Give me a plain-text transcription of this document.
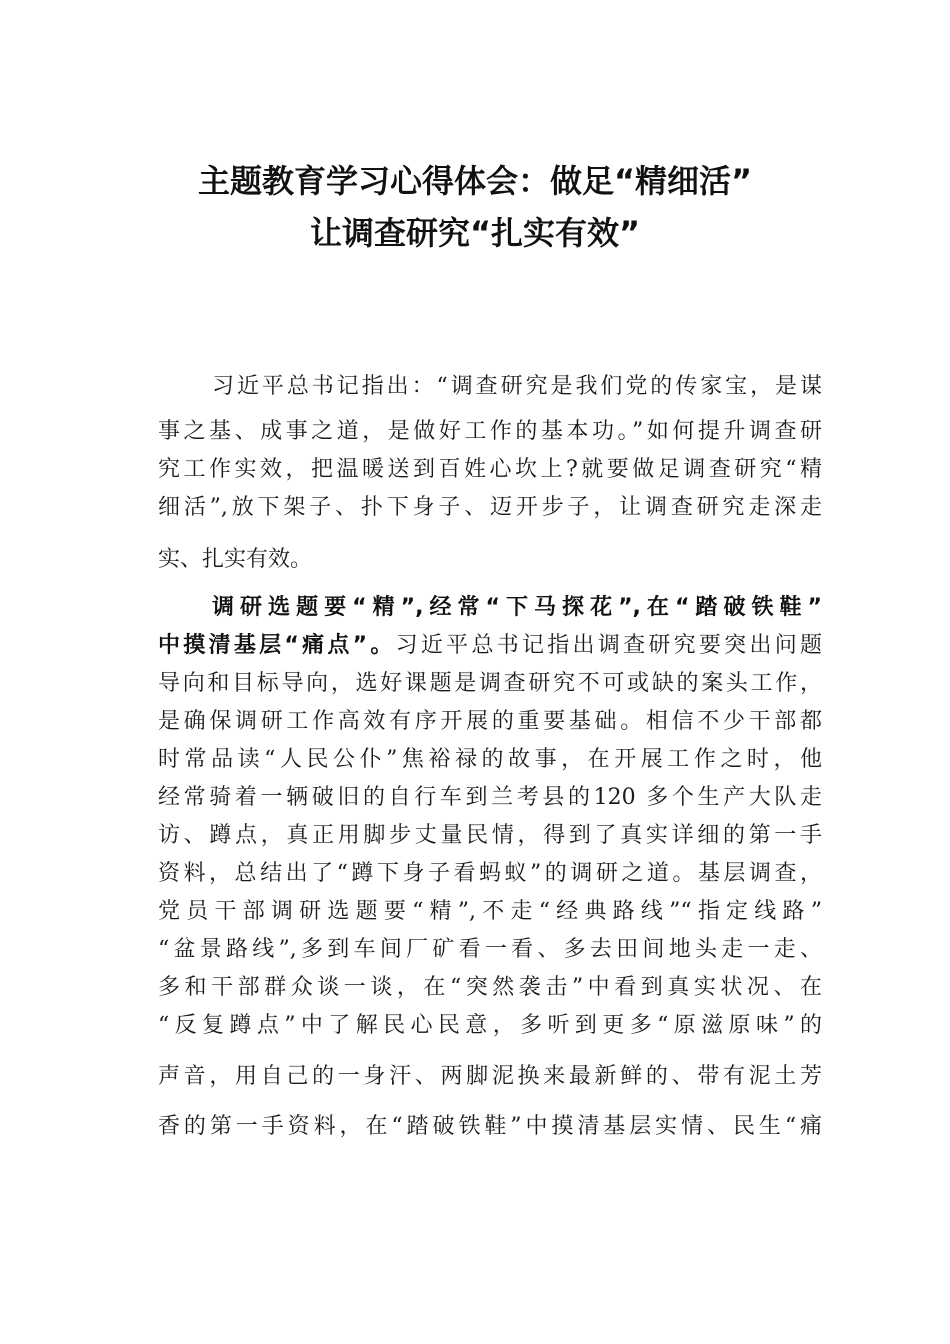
主题教育学习心得体会：做足“精细活”
让调查研究“扎实有效”
习近平总书记指出：“调查研究是我们党的传家宝，是谋
事之基、成事之道，是做好工作的基本功。”如何提升调查研
究工作实效，把温暖送到百姓心坎上?就要做足调查研究“精
细活”,放下架子、扑下身子、迈开步子，让调查研究走深走
实、扎实有效。
调研选题要“精”,经常“下马探花”,在“踏破铁鞋”
中摸清基层“痛点”。习近平总书记指出调查研究要突出问题
导向和目标导向，选好课题是调查研究不可或缺的案头工作，
是确保调研工作高效有序开展的重要基础。相信不少干部都
时常品读“人民公仆”焦裕禄的故事，在开展工作之时，他
经常骑着一辆破旧的自行车到兰考县的120 多个生产大队走
访、蹲点，真正用脚步丈量民情，得到了真实详细的第一手
资料，总结出了“蹲下身子看蚂蚁”的调研之道。基层调查，
党员干部调研选题要“精”,不走“经典路线”“指定线路”
“盆景路线”,多到车间厂矿看一看、多去田间地头走一走、
多和干部群众谈一谈，在“突然袭击”中看到真实状况、在
“反复蹲点”中了解民心民意，多听到更多“原滋原味”的
声音，用自己的一身汗、两脚泥换来最新鲜的、带有泥土芳
香的第一手资料，在“踏破铁鞋”中摸清基层实情、民生“痛
